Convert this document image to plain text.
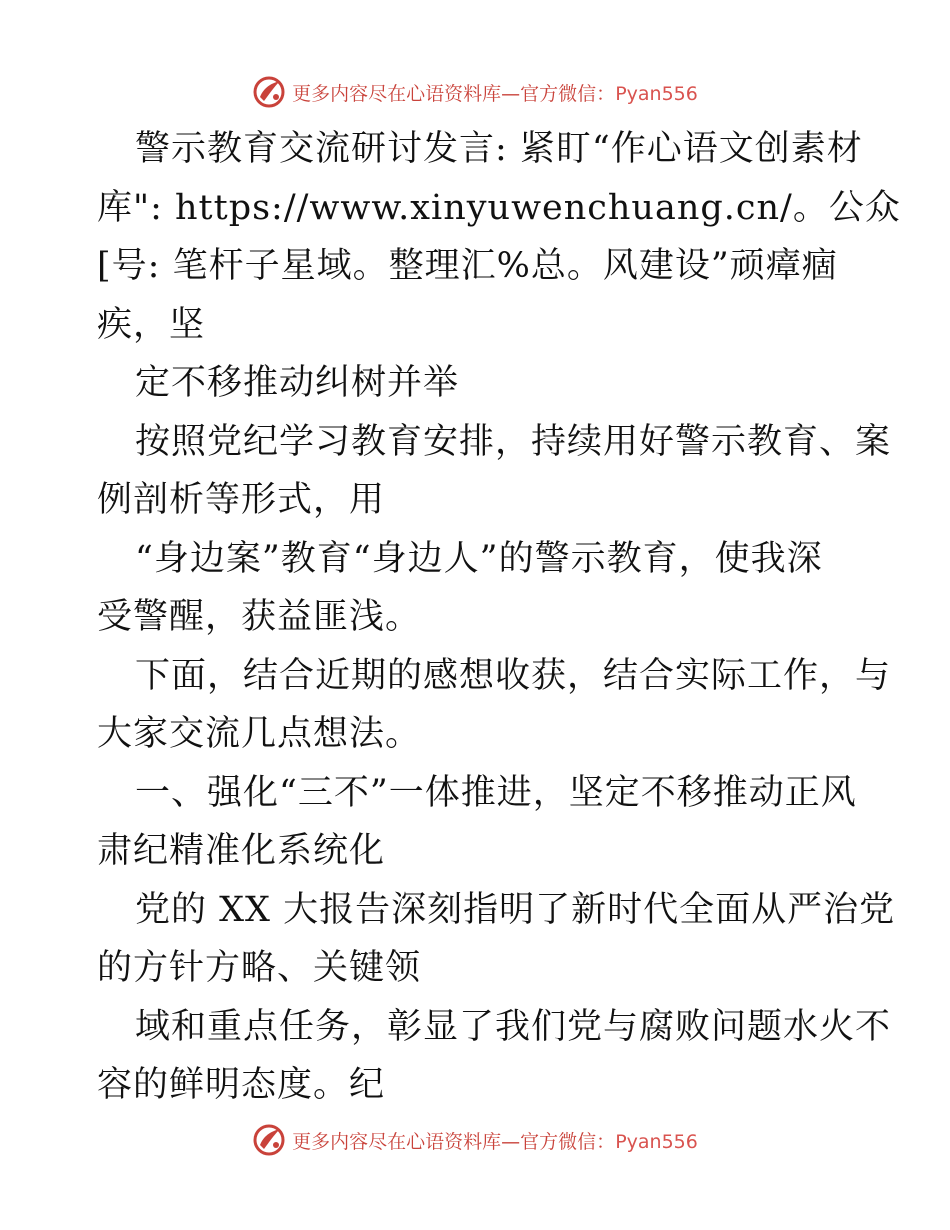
更多内容尽在心语资料库—官方微信：Pyan556
警示教育交流研讨发言: 紧盯“作心语文创素材
库": https://www.xinyuwenchuang.cn/。公众
[号: 笔杆子星域。整理汇%总。风建设”顽瘴痼
疾，坚
定不移推动纠树并举
按照党纪学习教育安排，持续用好警示教育、案
例剖析等形式，用
“身边案”教育“身边人”的警示教育，使我深
受警醒，获益匪浅。
下面，结合近期的感想收获，结合实际工作，与
大家交流几点想法。
一、强化“三不”一体推进，坚定不移推动正风
肃纪精准化系统化
党的 XX 大报告深刻指明了新时代全面从严治党
的方针方略、关键领
域和重点任务，彰显了我们党与腐败问题水火不
容的鲜明态度。纪
更多内容尽在心语资料库—官方微信：Pyan556
